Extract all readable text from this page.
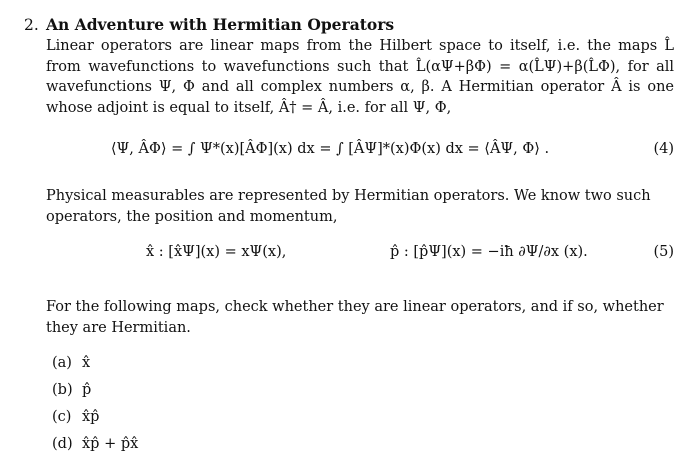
2. An Adventure with Hermitian Operators
Linear operators are linear maps from the Hilbert space to itself, i.e. the maps L̂ from wavefunctions to wavefunctions such that L̂(αΨ+βΦ) = α(L̂Ψ)+β(L̂Φ), for all wavefunctions Ψ, Φ and all complex numbers α, β. A Hermitian operator Â is one whose adjoint is equal to itself, Â† = Â, i.e. for all Ψ, Φ,
⟨Ψ, ÂΦ⟩ = ∫ Ψ*(x)[ÂΦ](x) dx = ∫ [ÂΨ]*(x)Φ(x) dx = ⟨ÂΨ, Φ⟩ .	(4)
Physical measurables are represented by Hermitian operators. We know two such operators, the position and momentum,
x̂ : [x̂Ψ](x) = xΨ(x),	p̂ : [p̂Ψ](x) = −iħ ∂Ψ/∂x (x).	(5)
For the following maps, check whether they are linear operators, and if so, whether they are Hermitian.
(a) x̂
(b) p̂
(c) x̂p̂
(d) x̂p̂ + p̂x̂
